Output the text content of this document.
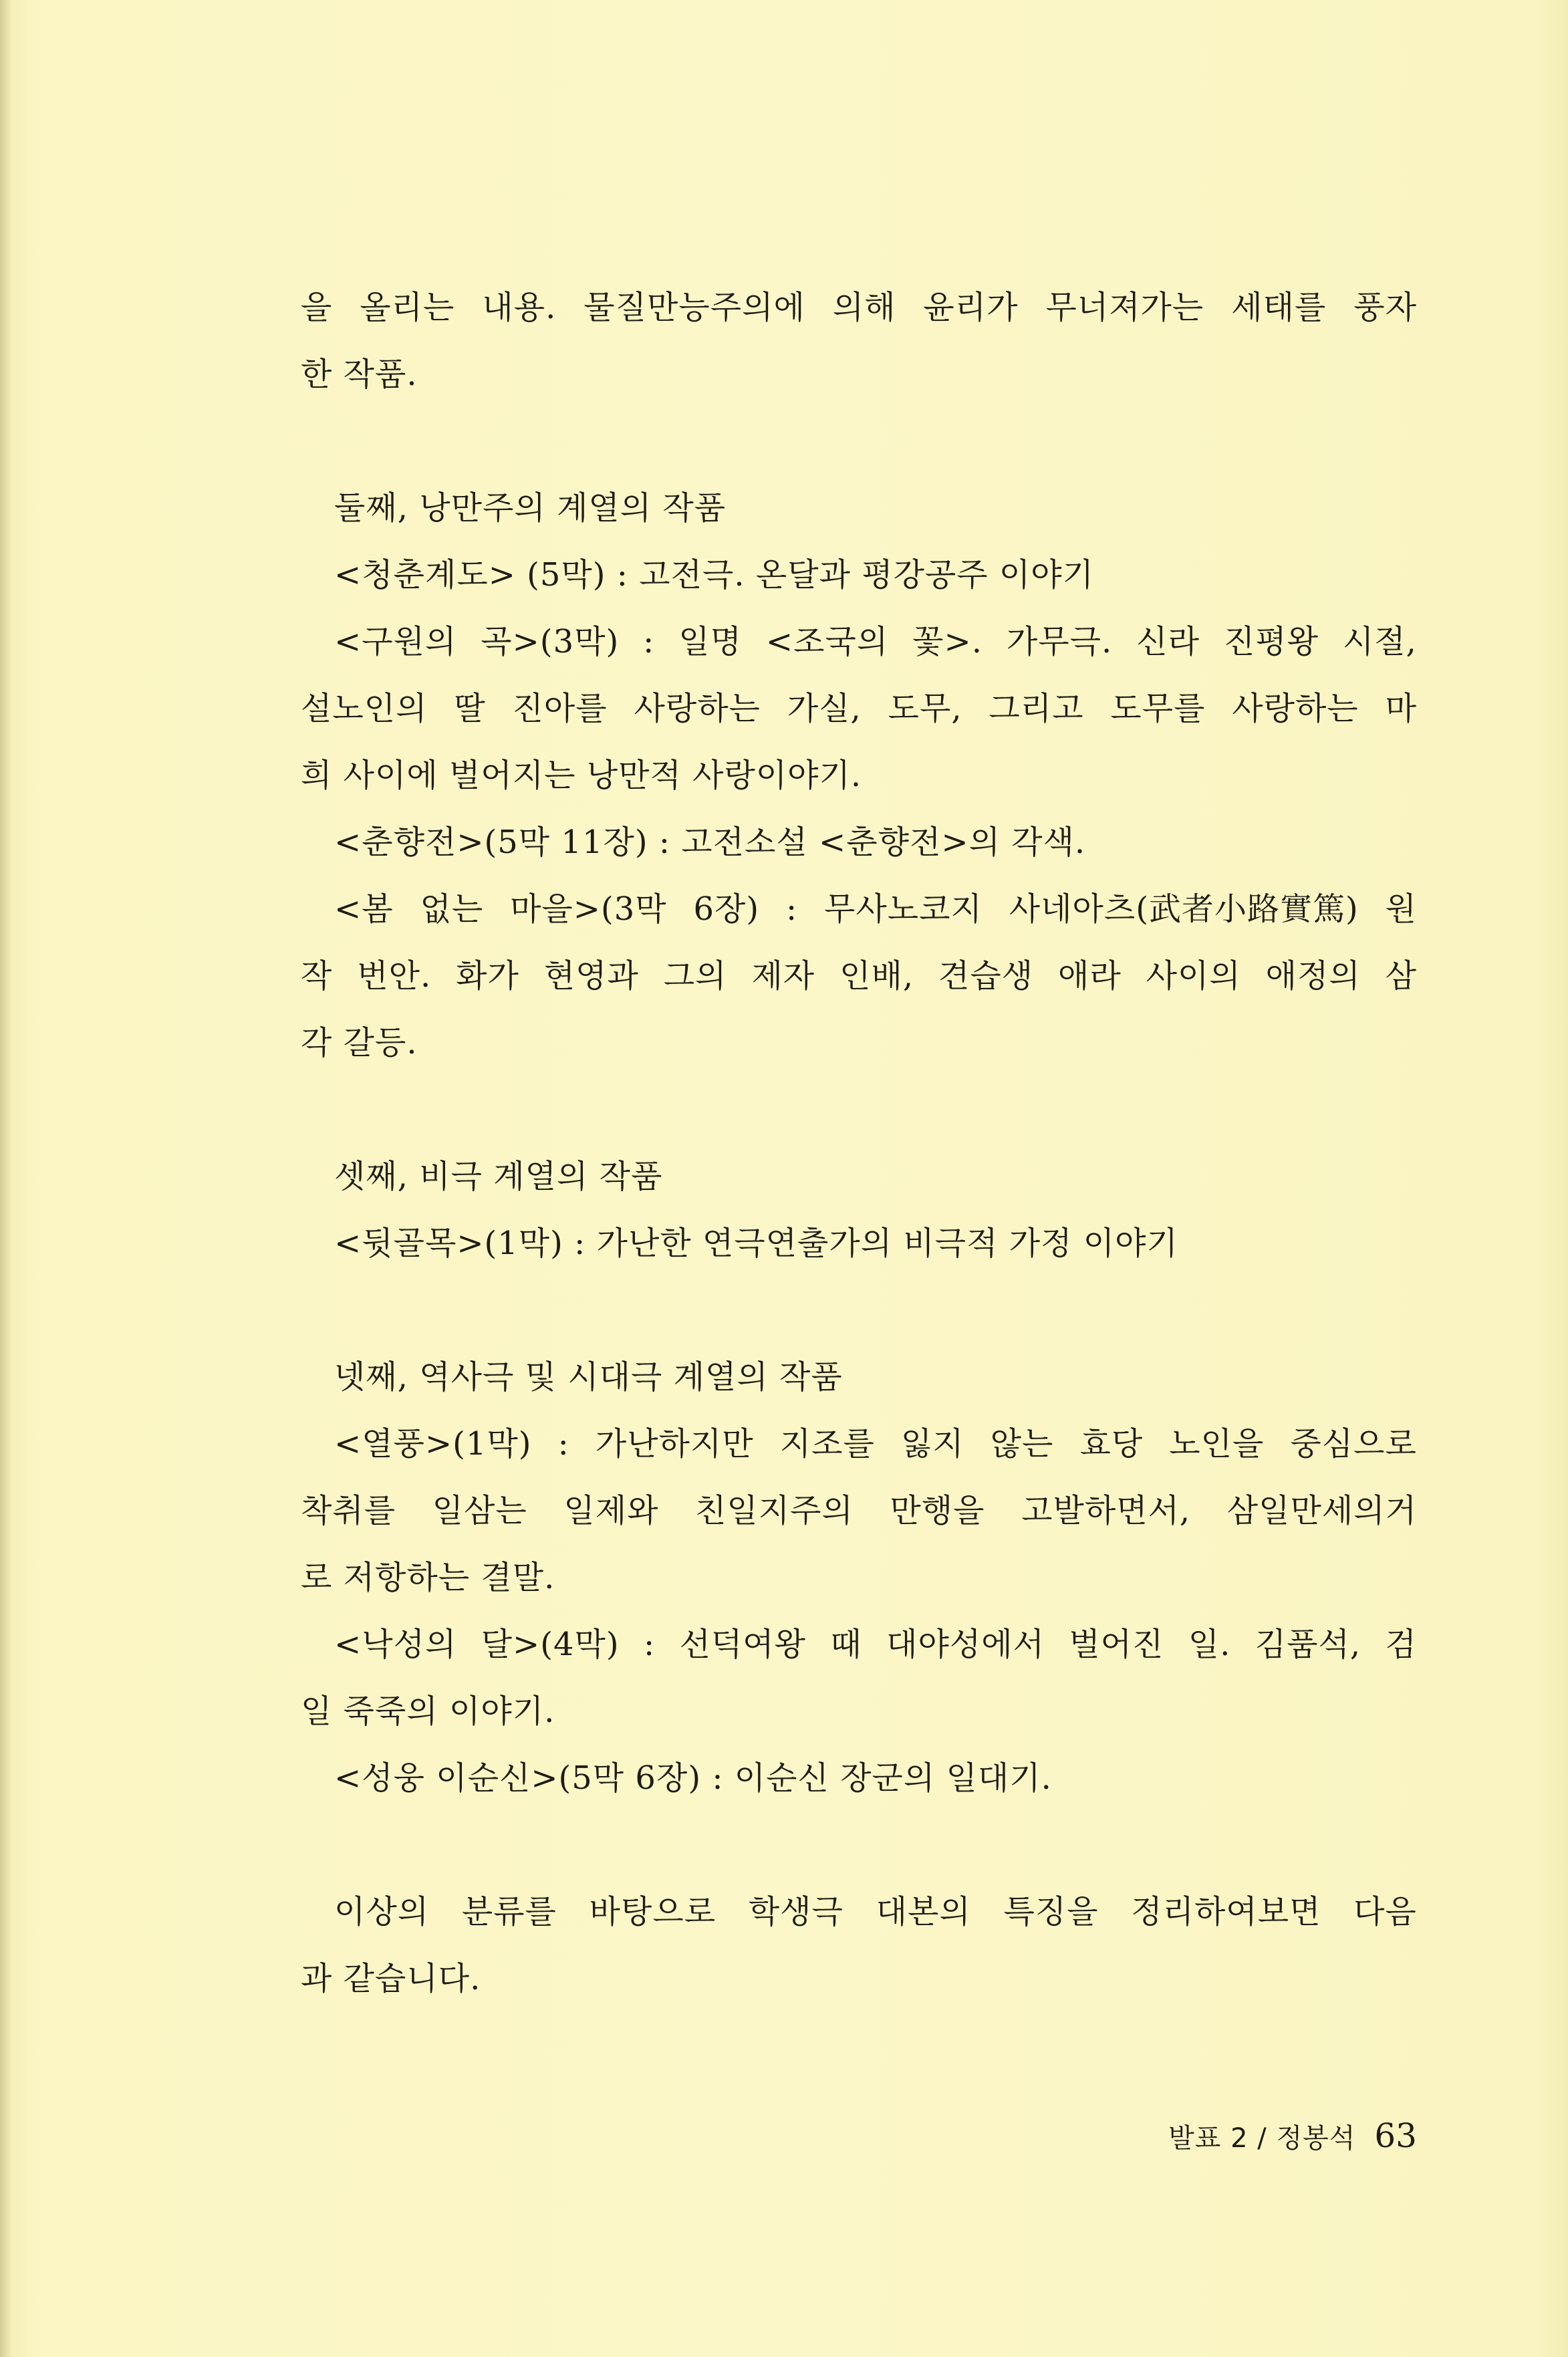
을 올리는 내용. 물질만능주의에 의해 윤리가 무너져가는 세태를 풍자
한 작품.
둘째, 낭만주의 계열의 작품
<청춘계도> (5막) : 고전극. 온달과 평강공주 이야기
<구원의 곡>(3막) : 일명 <조국의 꽃>. 가무극. 신라 진평왕 시절,
설노인의 딸 진아를 사랑하는 가실, 도무, 그리고 도무를 사랑하는 마
희 사이에 벌어지는 낭만적 사랑이야기.
<춘향전>(5막 11장) : 고전소설 <춘향전>의 각색.
<봄 없는 마을>(3막 6장) : 무사노코지 사네아츠(武者小路實篤) 원
작 번안. 화가 현영과 그의 제자 인배, 견습생 애라 사이의 애정의 삼
각 갈등.
셋째, 비극 계열의 작품
<뒷골목>(1막) : 가난한 연극연출가의 비극적 가정 이야기
넷째, 역사극 및 시대극 계열의 작품
<열풍>(1막) : 가난하지만 지조를 잃지 않는 효당 노인을 중심으로
착취를 일삼는 일제와 친일지주의 만행을 고발하면서, 삼일만세의거
로 저항하는 결말.
<낙성의 달>(4막) : 선덕여왕 때 대야성에서 벌어진 일. 김품석, 검
일 죽죽의 이야기.
<성웅 이순신>(5막 6장) : 이순신 장군의 일대기.
이상의 분류를 바탕으로 학생극 대본의 특징을 정리하여보면 다음
과 같습니다.
발표 2 / 정봉석 63
